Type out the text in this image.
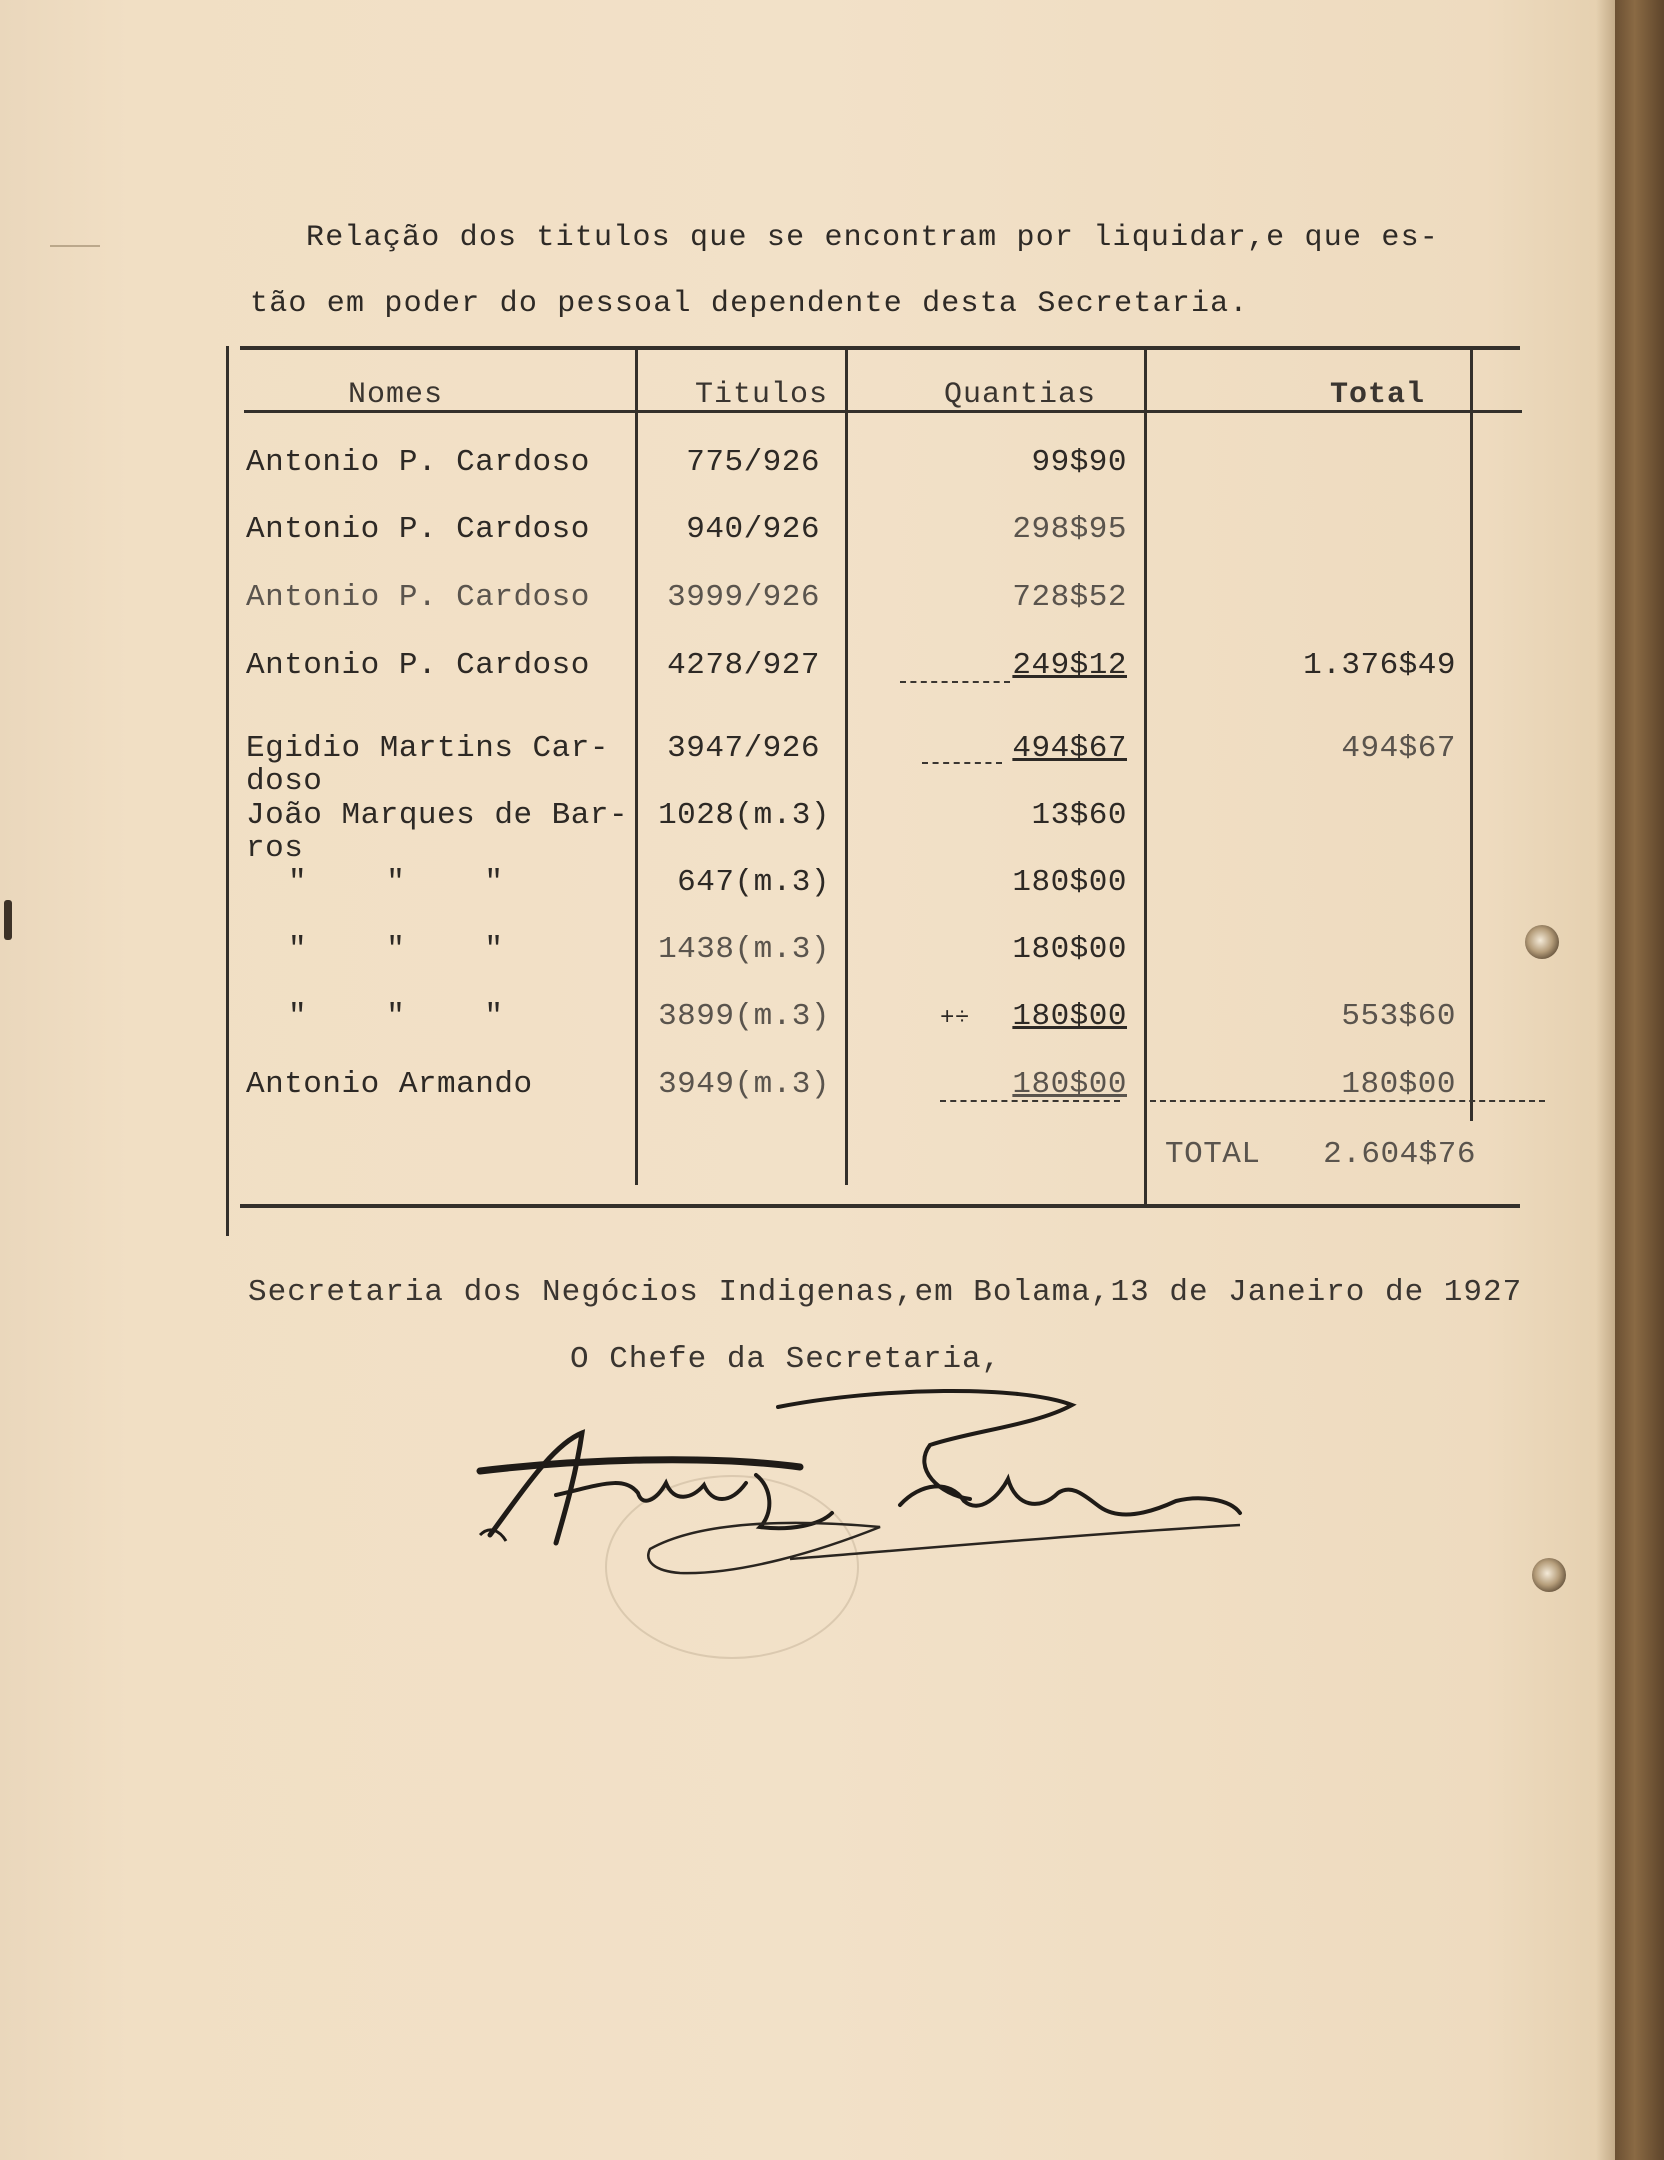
Relação dos titulos que se encontram por liquidar,e que es-
tão em poder do pessoal dependente desta Secretaria.
Nomes	Titulos	Quantias	Total
Antonio P. Cardoso	775/926	99$90
Antonio P. Cardoso	940/926	298$95
Antonio P. Cardoso	3999/926	728$52
Antonio P. Cardoso	4278/927	249$12	1.376$49
Egidio Martins Car-
doso
3947/926	494$67	494$67
João Marques de Bar-
ros
1028(m.3)	13$60
" " "	647(m.3)	180$00
" " "	1438(m.3)	180$00
" " "	3899(m.3)	+÷	180$00	553$60
Antonio Armando	3949(m.3)	180$00	180$00
TOTAL	2.604$76
Secretaria dos Negócios Indigenas,em Bolama,13 de Janeiro de 1927
O Chefe da Secretaria,
